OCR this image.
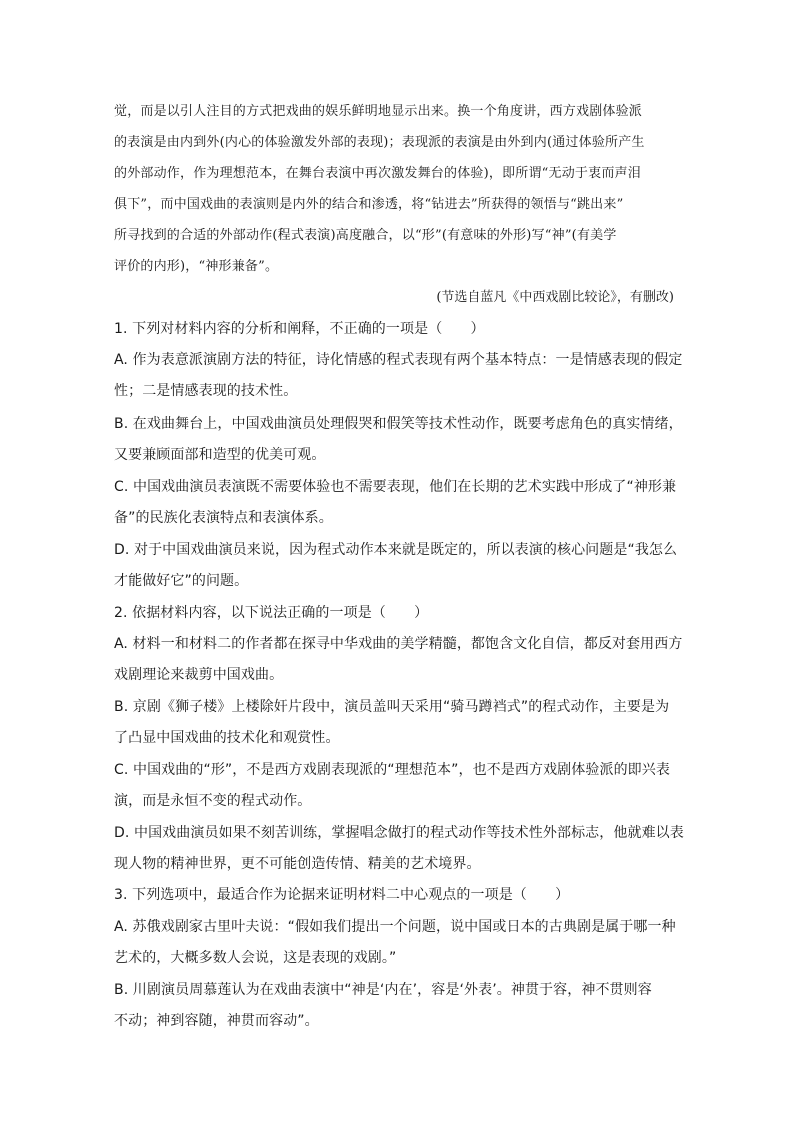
觉，而是以引人注目的方式把戏曲的娱乐鲜明地显示出来。换一个角度讲，西方戏剧体验派
的表演是由内到外(内心的体验激发外部的表现)；表现派的表演是由外到内(通过体验所产生
的外部动作，作为理想范本，在舞台表演中再次激发舞台的体验)，即所谓“无动于衷而声泪
俱下”，而中国戏曲的表演则是内外的结合和渗透，将“钻进去”所获得的领悟与“跳出来”
所寻找到的合适的外部动作(程式表演)高度融合，以“形”(有意味的外形)写“神”(有美学
评价的内形)，“神形兼备”。
(节选自蓝凡《中西戏剧比较论》，有删改)
1. 下列对材料内容的分析和阐释，不正确的一项是（　　）
A. 作为表意派演剧方法的特征，诗化情感的程式表现有两个基本特点：一是情感表现的假定
性；二是情感表现的技术性。
B. 在戏曲舞台上，中国戏曲演员处理假哭和假笑等技术性动作，既要考虑角色的真实情绪，
又要兼顾面部和造型的优美可观。
C. 中国戏曲演员表演既不需要体验也不需要表现，他们在长期的艺术实践中形成了“神形兼
备”的民族化表演特点和表演体系。
D. 对于中国戏曲演员来说，因为程式动作本来就是既定的，所以表演的核心问题是“我怎么
才能做好它”的问题。
2. 依据材料内容，以下说法正确的一项是（　　）
A. 材料一和材料二的作者都在探寻中华戏曲的美学精髓，都饱含文化自信，都反对套用西方
戏剧理论来裁剪中国戏曲。
B. 京剧《狮子楼》上楼除奸片段中，演员盖叫天采用“骑马蹲裆式”的程式动作，主要是为
了凸显中国戏曲的技术化和观赏性。
C. 中国戏曲的“形”，不是西方戏剧表现派的“理想范本”，也不是西方戏剧体验派的即兴表
演，而是永恒不变的程式动作。
D. 中国戏曲演员如果不刻苦训练，掌握唱念做打的程式动作等技术性外部标志，他就难以表
现人物的精神世界，更不可能创造传情、精美的艺术境界。
3. 下列选项中，最适合作为论据来证明材料二中心观点的一项是（　　）
A. 苏俄戏剧家古里叶夫说：“假如我们提出一个问题，说中国或日本的古典剧是属于哪一种
艺术的，大概多数人会说，这是表现的戏剧。”
B. 川剧演员周慕莲认为在戏曲表演中“神是‘内在’，容是‘外表’。神贯于容，神不贯则容
不动；神到容随，神贯而容动”。
